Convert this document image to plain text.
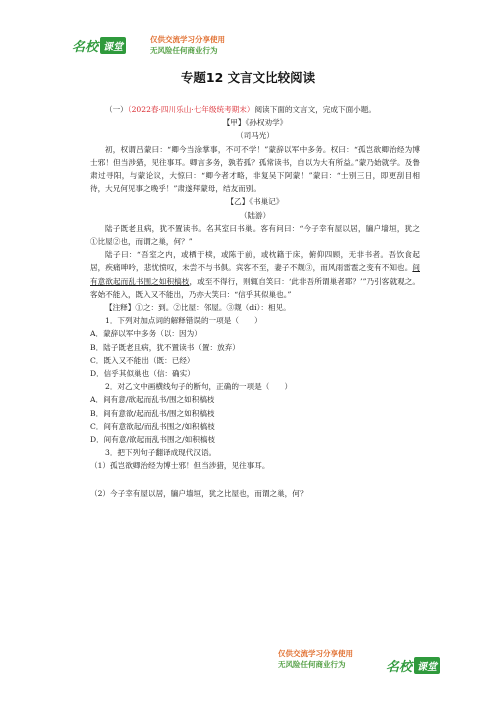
名校 课堂
仅供交流学习分享使用
无风险任何商业行为
专题12 文言文比较阅读
（一）（2022春·四川乐山·七年级统考期末）阅读下面的文言文，完成下面小题。
【甲】《孙权劝学》
（司马光）
初，权谓吕蒙曰：“卿今当涂掌事，不可不学！”蒙辞以军中多务。权曰：“孤岂欲卿治经为博士邪！但当涉猎，见往事耳。卿言多务，孰若孤？孤常读书，自以为大有所益。”蒙乃始就学。及鲁肃过寻阳，与蒙论议，大惊曰：“卿今者才略，非复吴下阿蒙！”蒙曰：“士别三日，即更刮目相待，大兄何见事之晚乎！”肃遂拜蒙母，结友而别。
【乙】《书巢记》
（陆游）
陆子既老且病，犹不置读书。名其室曰书巢。客有问曰：“今子幸有屋以居，牖户墙垣，犹之①比屋②也，而谓之巢，何？”
陆子曰：“吾室之内，或栖于椟，或陈于前，或枕籍于床，俯仰四顾，无非书者。吾饮食起居，疾痛呻吟，悲忧愤叹，未尝不与书俱。宾客不至，妻子不觌③，而风雨雷雹之变有不知也。间有意欲起而乱书围之如积槁枝，或至不得行，则辄自笑曰：‘此非吾所谓巢者耶？’”乃引客就观之。客始不能入，既入又不能出，乃亦大笑曰：“信乎其似巢也。”
【注释】①之：到。②比屋：邻屋。③觌（dí）：相见。
1．下列对加点词的解释错误的一项是（　　）
A．蒙辞以军中多务（以：因为）
B．陆子既老且病，犹不置读书（置：放弃）
C．既入又不能出（既：已经）
D．信乎其似巢也（信：确实）
2．对乙文中画横线句子的断句，正确的一项是（　　）
A．间有意/欲起而乱书/围之如积槁枝
B．间有意欲/起而乱书/围之如积槁枝
C．间有意欲起/而乱书围之/如积槁枝
D．间有意/欲起而乱书围之/如积槁枝
3．把下列句子翻译成现代汉语。
（1）孤岂欲卿治经为博士邪！但当涉猎，见往事耳。
（2）今子幸有屋以居，牖户墙垣，犹之比屋也，而谓之巢，何？
仅供交流学习分享使用
无风险任何商业行为	名校 课堂
